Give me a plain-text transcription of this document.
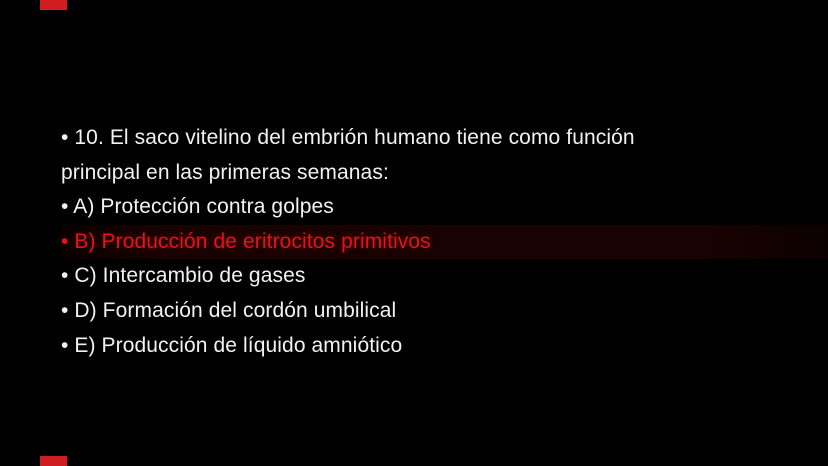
• 10. El saco vitelino del embrión humano tiene como función
principal en las primeras semanas:
• A) Protección contra golpes
• B) Producción de eritrocitos primitivos
• C) Intercambio de gases
• D) Formación del cordón umbilical
• E) Producción de líquido amniótico
